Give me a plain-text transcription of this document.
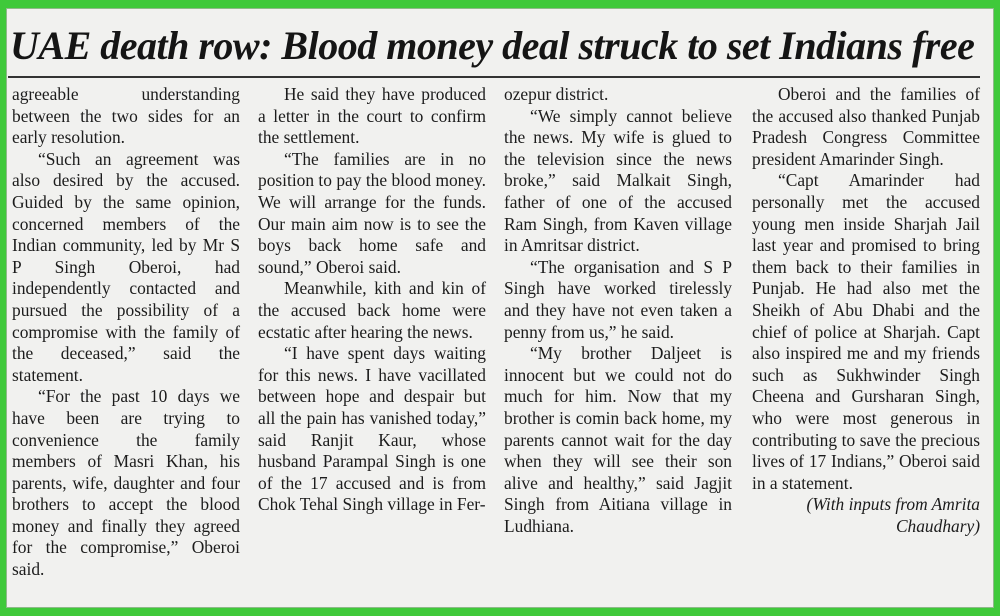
UAE death row: Blood money deal struck to set Indians free

agreeable understanding between the two sides for an early resolution.

“Such an agreement was also desired by the accused. Guided by the same opinion, concerned members of the Indian community, led by Mr S P Singh Oberoi, had independently contacted and pursued the possibility of a compromise with the family of the deceased,” said the statement.

“For the past 10 days we have been are trying to convenience the family members of Masri Khan, his parents, wife, daughter and four brothers to accept the blood money and finally they agreed for the compromise,” Oberoi said.

He said they have produced a letter in the court to confirm the settlement.

“The families are in no position to pay the blood money. We will arrange for the funds. Our main aim now is to see the boys back home safe and sound,” Oberoi said.

Meanwhile, kith and kin of the accused back home were ecstatic after hearing the news.

“I have spent days waiting for this news. I have vacillated between hope and despair but all the pain has vanished today,” said Ranjit Kaur, whose husband Parampal Singh is one of the 17 accused and is from Chok Tehal Singh village in Fer-

ozepur district.

“We simply cannot believe the news. My wife is glued to the television since the news broke,” said Malkait Singh, father of one of the accused Ram Singh, from Kaven village in Amritsar district.

“The organisation and S P Singh have worked tirelessly and they have not even taken a penny from us,” he said.

“My brother Daljeet is innocent but we could not do much for him. Now that my brother is comin back home, my parents cannot wait for the day when they will see their son alive and healthy,” said Jagjit Singh from Aitiana village in Ludhiana.

Oberoi and the families of the accused also thanked Punjab Pradesh Congress Committee president Amarinder Singh.

“Capt Amarinder had personally met the accused young men inside Sharjah Jail last year and promised to bring them back to their families in Punjab. He had also met the Sheikh of Abu Dhabi and the chief of police at Sharjah. Capt also inspired me and my friends such as Sukhwinder Singh Cheena and Gursharan Singh, who were most generous in contributing to save the precious lives of 17 Indians,” Oberoi said in a statement.

(With inputs from Amrita Chaudhary)
